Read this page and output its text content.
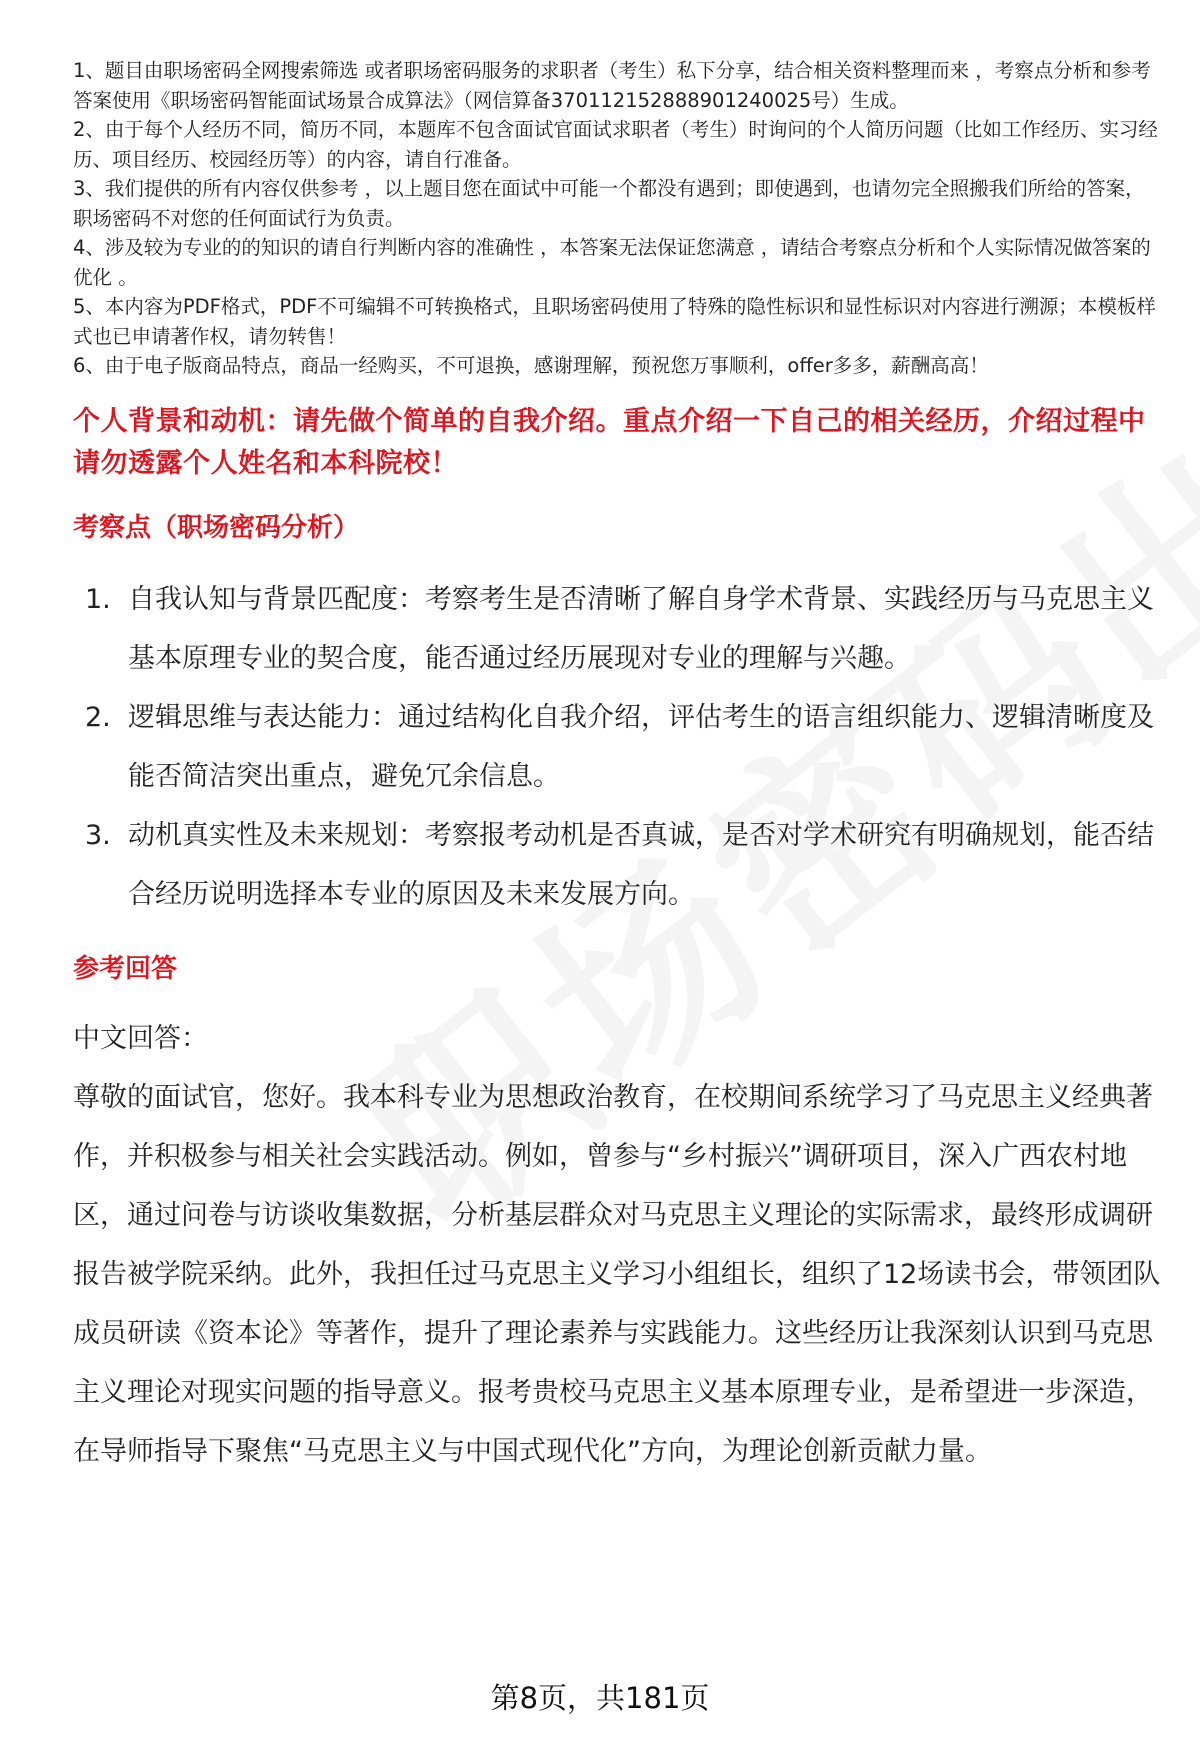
1、题目由职场密码全网搜索筛选 或者职场密码服务的求职者（考生）私下分享，结合相关资料整理而来 ，考察点分析和参考答案使用《职场密码智能面试场景合成算法》（网信算备370112152888901240025号）生成。

2、由于每个人经历不同，简历不同，本题库不包含面试官面试求职者（考生）时询问的个人简历问题（比如工作经历、实习经历、项目经历、校园经历等）的内容，请自行准备。

3、我们提供的所有内容仅供参考 ，以上题目您在面试中可能一个都没有遇到；即使遇到，也请勿完全照搬我们所给的答案，职场密码不对您的任何面试行为负责。

4、涉及较为专业的的知识的请自行判断内容的准确性 ，本答案无法保证您满意 ，请结合考察点分析和个人实际情况做答案的优化 。

5、本内容为PDF格式，PDF不可编辑不可转换格式，且职场密码使用了特殊的隐性标识和显性标识对内容进行溯源；本模板样式也已申请著作权，请勿转售！

6、由于电子版商品特点，商品一经购买，不可退换，感谢理解，预祝您万事顺利，offer多多，薪酬高高！

个人背景和动机：请先做个简单的自我介绍。重点介绍一下自己的相关经历，介绍过程中请勿透露个人姓名和本科院校！
考察点（职场密码分析）
1. 自我认知与背景匹配度：考察考生是否清晰了解自身学术背景、实践经历与马克思主义基本原理专业的契合度，能否通过经历展现对专业的理解与兴趣。
2. 逻辑思维与表达能力：通过结构化自我介绍，评估考生的语言组织能力、逻辑清晰度及能否简洁突出重点，避免冗余信息。
3. 动机真实性及未来规划：考察报考动机是否真诚，是否对学术研究有明确规划，能否结合经历说明选择本专业的原因及未来发展方向。
参考回答

中文回答：

尊敬的面试官，您好。我本科专业为思想政治教育，在校期间系统学习了马克思主义经典著作，并积极参与相关社会实践活动。例如，曾参与“乡村振兴”调研项目，深入广西农村地区，通过问卷与访谈收集数据，分析基层群众对马克思主义理论的实际需求，最终形成调研报告被学院采纳。此外，我担任过马克思主义学习小组组长，组织了12场读书会，带领团队成员研读《资本论》等著作，提升了理论素养与实践能力。这些经历让我深刻认识到马克思主义理论对现实问题的指导意义。报考贵校马克思主义基本原理专业，是希望进一步深造，在导师指导下聚焦“马克思主义与中国式现代化”方向，为理论创新贡献力量。

第8页，共181页
